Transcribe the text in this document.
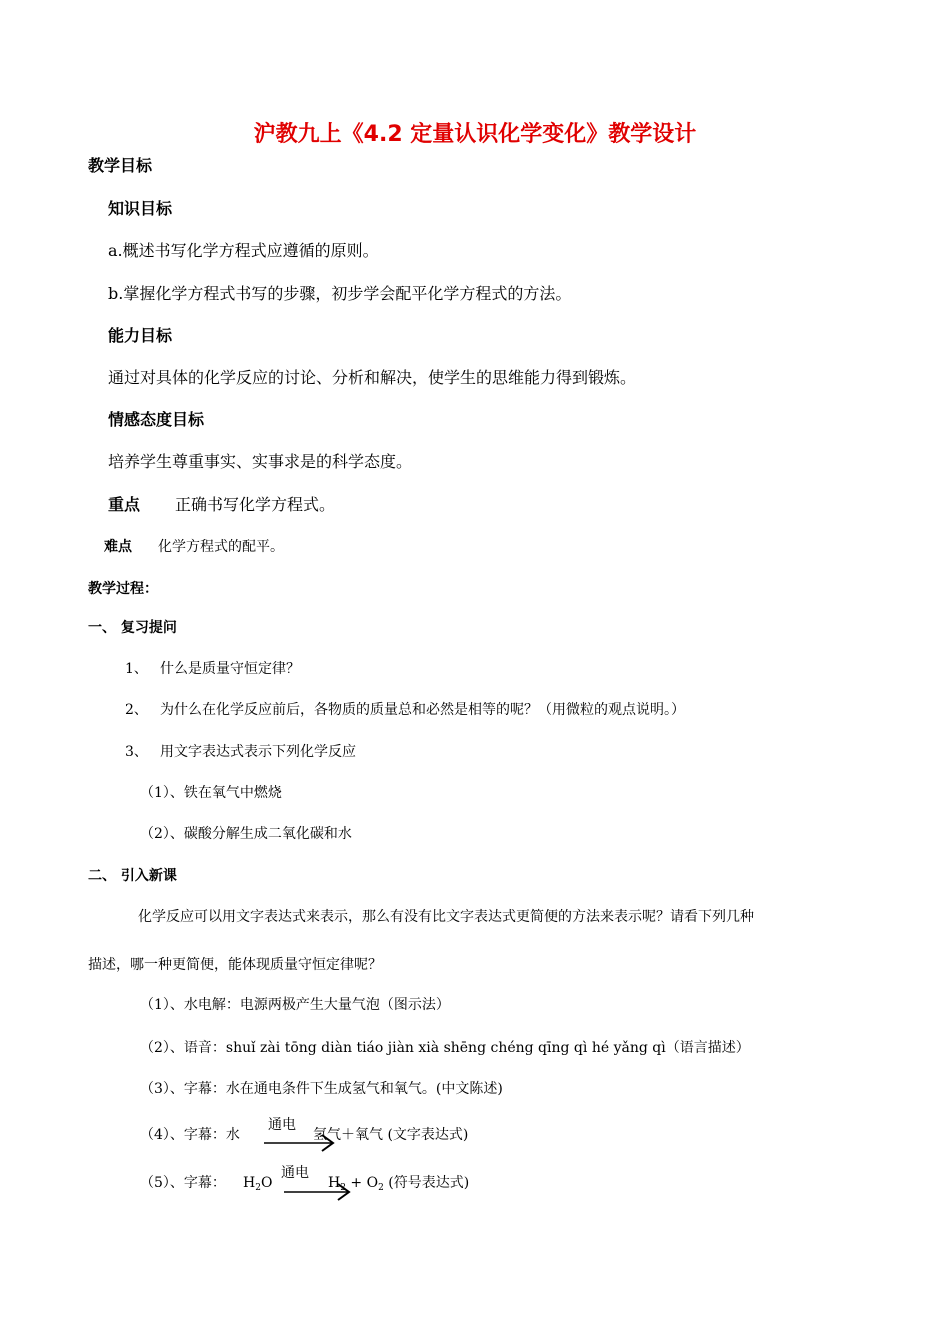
沪教九上《4.2 定量认识化学变化》教学设计
教学目标
知识目标
a.概述书写化学方程式应遵循的原则。
b.掌握化学方程式书写的步骤，初步学会配平化学方程式的方法。
能力目标
通过对具体的化学反应的讨论、分析和解决，使学生的思维能力得到锻炼。
情感态度目标
培养学生尊重事实、实事求是的科学态度。
重点 正确书写化学方程式。
难点 化学方程式的配平。
教学过程：
一、 复习提问
1、 什么是质量守恒定律？
2、 为什么在化学反应前后，各物质的质量总和必然是相等的呢？（用微粒的观点说明。）
3、 用文字表达式表示下列化学反应
（1）、铁在氧气中燃烧
（2）、碳酸分解生成二氧化碳和水
二、 引入新课
化学反应可以用文字表达式来表示，那么有没有比文字表达式更简便的方法来表示呢？请看下列几种
描述，哪一种更简便，能体现质量守恒定律呢？
（1）、水电解：电源两极产生大量气泡（图示法）
（2）、语音：shuǐ zài tōng diàn tiáo jiàn xià shēng chéng qīng qì hé yǎng qì（语言描述）
（3）、字幕：水在通电条件下生成氢气和氧气。(中文陈述)
（4）、字幕：水
通电
氢气＋氧气 (文字表达式)
（5）、字幕： $H_2O$
通电
$H_2 + O_2$ (符号表达式)
